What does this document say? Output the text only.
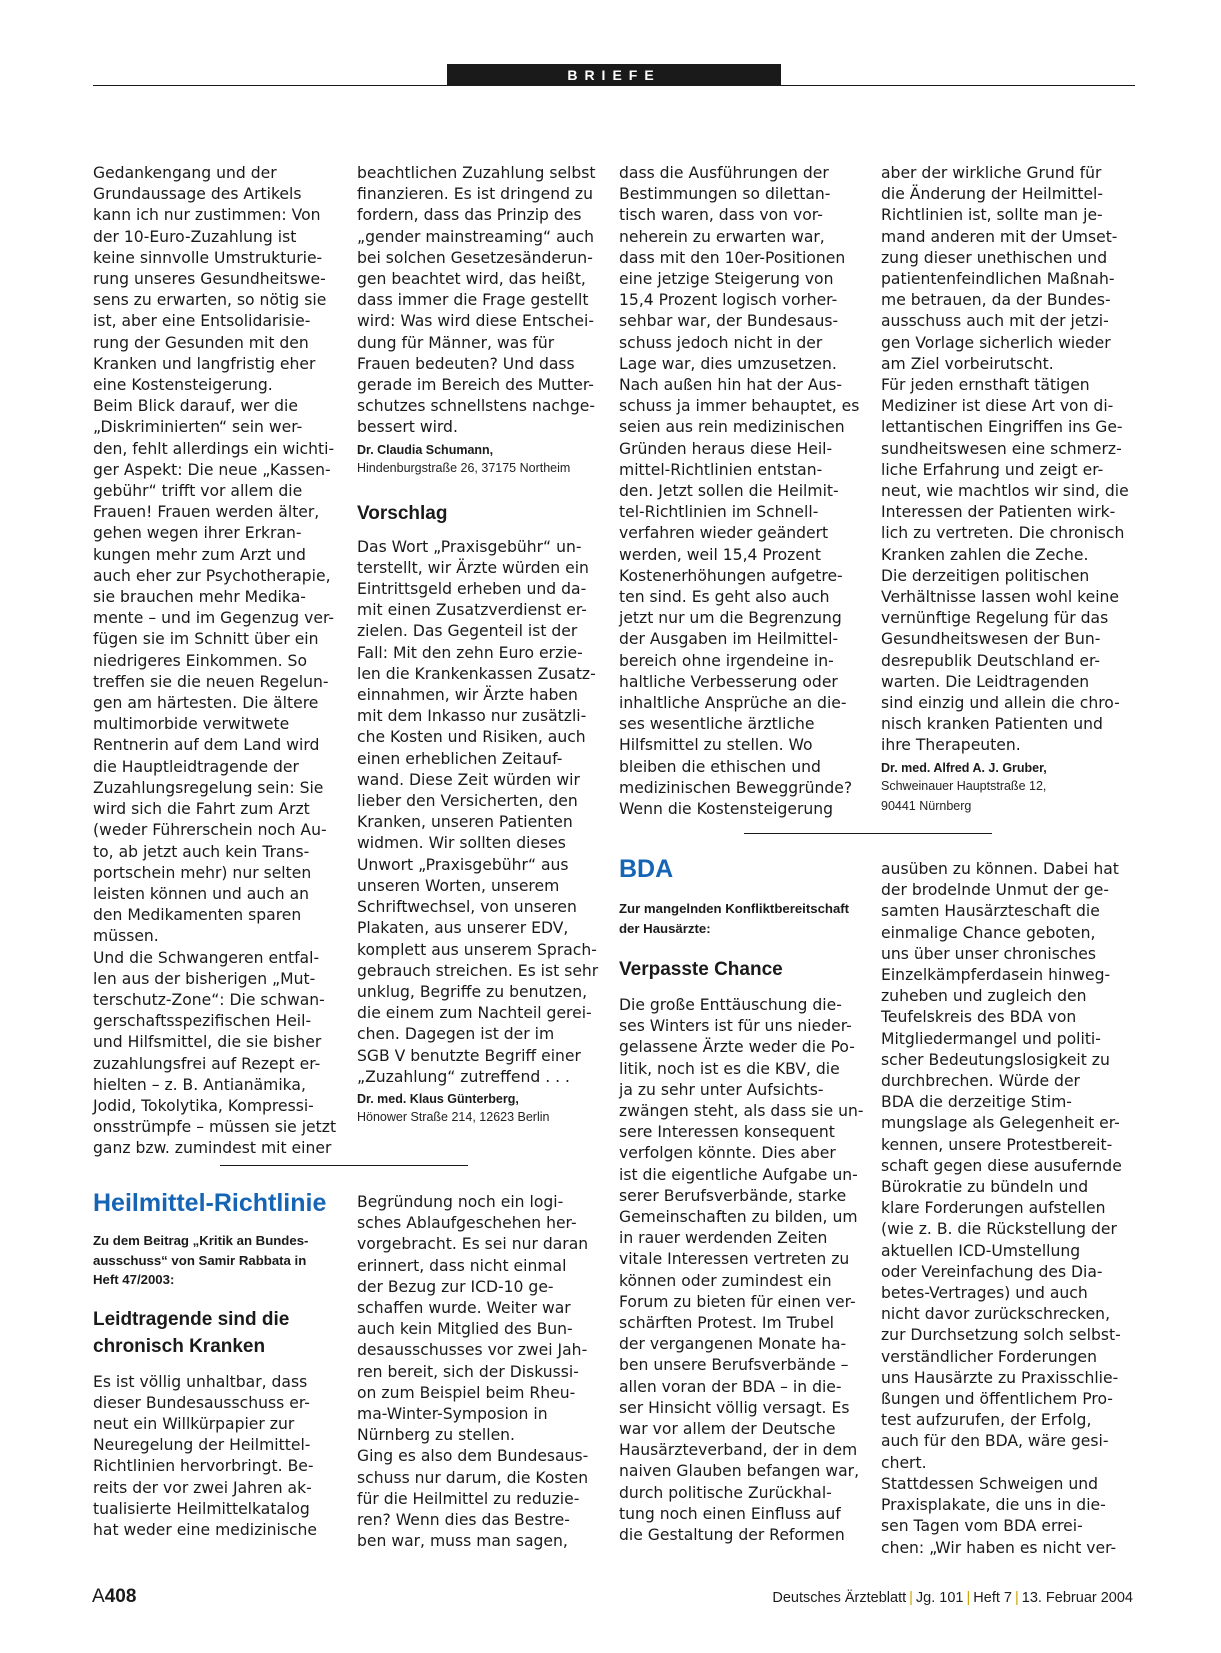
BRIEFE

Gedankengang und der
Grundaussage des Artikels
kann ich nur zustimmen: Von
der 10-Euro-Zuzahlung ist
keine sinnvolle Umstrukturie-
rung unseres Gesundheitswe-
sens zu erwarten, so nötig sie
ist, aber eine Entsolidarisie-
rung der Gesunden mit den
Kranken und langfristig eher
eine Kostensteigerung.
Beim Blick darauf, wer die
„Diskriminierten“ sein wer-
den, fehlt allerdings ein wichti-
ger Aspekt: Die neue „Kassen-
gebühr“ trifft vor allem die
Frauen! Frauen werden älter,
gehen wegen ihrer Erkran-
kungen mehr zum Arzt und
auch eher zur Psychotherapie,
sie brauchen mehr Medika-
mente – und im Gegenzug ver-
fügen sie im Schnitt über ein
niedrigeres Einkommen. So
treffen sie die neuen Regelun-
gen am härtesten. Die ältere
multimorbide verwitwete
Rentnerin auf dem Land wird
die Hauptleidtragende der
Zuzahlungsregelung sein: Sie
wird sich die Fahrt zum Arzt
(weder Führerschein noch Au-
to, ab jetzt auch kein Trans-
portschein mehr) nur selten
leisten können und auch an
den Medikamenten sparen
müssen.
Und die Schwangeren entfal-
len aus der bisherigen „Mut-
terschutz-Zone“: Die schwan-
gerschaftsspezifischen Heil-
und Hilfsmittel, die sie bisher
zuzahlungsfrei auf Rezept er-
hielten – z. B. Antianämika,
Jodid, Tokolytika, Kompressi-
onsstrümpfe – müssen sie jetzt
ganz bzw. zumindest mit einer

beachtlichen Zuzahlung selbst
finanzieren. Es ist dringend zu
fordern, dass das Prinzip des
„gender mainstreaming“ auch
bei solchen Gesetzesänderun-
gen beachtet wird, das heißt,
dass immer die Frage gestellt
wird: Was wird diese Entschei-
dung für Männer, was für
Frauen bedeuten? Und dass
gerade im Bereich des Mutter-
schutzes schnellstens nachge-
bessert wird.

Dr. Claudia Schumann,

Hindenburgstraße 26, 37175 Northeim

Vorschlag

Das Wort „Praxisgebühr“ un-
terstellt, wir Ärzte würden ein
Eintrittsgeld erheben und da-
mit einen Zusatzverdienst er-
zielen. Das Gegenteil ist der
Fall: Mit den zehn Euro erzie-
len die Krankenkassen Zusatz-
einnahmen, wir Ärzte haben
mit dem Inkasso nur zusätzli-
che Kosten und Risiken, auch
einen erheblichen Zeitauf-
wand. Diese Zeit würden wir
lieber den Versicherten, den
Kranken, unseren Patienten
widmen. Wir sollten dieses
Unwort „Praxisgebühr“ aus
unseren Worten, unserem
Schriftwechsel, von unseren
Plakaten, aus unserer EDV,
komplett aus unserem Sprach-
gebrauch streichen. Es ist sehr
unklug, Begriffe zu benutzen,
die einem zum Nachteil gerei-
chen. Dagegen ist der im
SGB V benutzte Begriff einer
„Zuzahlung“ zutreffend . . .

Dr. med. Klaus Günterberg,

Hönower Straße 214, 12623 Berlin

dass die Ausführungen der
Bestimmungen so dilettan-
tisch waren, dass von vor-
neherein zu erwarten war,
dass mit den 10er-Positionen
eine jetzige Steigerung von
15,4 Prozent logisch vorher-
sehbar war, der Bundesaus-
schuss jedoch nicht in der
Lage war, dies umzusetzen.
Nach außen hin hat der Aus-
schuss ja immer behauptet, es
seien aus rein medizinischen
Gründen heraus diese Heil-
mittel-Richtlinien entstan-
den. Jetzt sollen die Heilmit-
tel-Richtlinien im Schnell-
verfahren wieder geändert
werden, weil 15,4 Prozent
Kostenerhöhungen aufgetre-
ten sind. Es geht also auch
jetzt nur um die Begrenzung
der Ausgaben im Heilmittel-
bereich ohne irgendeine in-
haltliche Verbesserung oder
inhaltliche Ansprüche an die-
ses wesentliche ärztliche
Hilfsmittel zu stellen. Wo
bleiben die ethischen und
medizinischen Beweggründe?
Wenn die Kostensteigerung

aber der wirkliche Grund für
die Änderung der Heilmittel-
Richtlinien ist, sollte man je-
mand anderen mit der Umset-
zung dieser unethischen und
patientenfeindlichen Maßnah-
me betrauen, da der Bundes-
ausschuss auch mit der jetzi-
gen Vorlage sicherlich wieder
am Ziel vorbeirutscht.
Für jeden ernsthaft tätigen
Mediziner ist diese Art von di-
lettantischen Eingriffen ins Ge-
sundheitswesen eine schmerz-
liche Erfahrung und zeigt er-
neut, wie machtlos wir sind, die
Interessen der Patienten wirk-
lich zu vertreten. Die chronisch
Kranken zahlen die Zeche.
Die derzeitigen politischen
Verhältnisse lassen wohl keine
vernünftige Regelung für das
Gesundheitswesen der Bun-
desrepublik Deutschland er-
warten. Die Leidtragenden
sind einzig und allein die chro-
nisch kranken Patienten und
ihre Therapeuten.

Dr. med. Alfred A. J. Gruber,

Schweinauer Hauptstraße 12,
90441 Nürnberg

Heilmittel-Richtlinie

Zu dem Beitrag „Kritik an Bundes-
ausschuss“ von Samir Rabbata in
Heft 47/2003:

Leidtragende sind die
chronisch Kranken

Es ist völlig unhaltbar, dass
dieser Bundesausschuss er-
neut ein Willkürpapier zur
Neuregelung der Heilmittel-
Richtlinien hervorbringt. Be-
reits der vor zwei Jahren ak-
tualisierte Heilmittelkatalog
hat weder eine medizinische

Begründung noch ein logi-
sches Ablaufgeschehen her-
vorgebracht. Es sei nur daran
erinnert, dass nicht einmal
der Bezug zur ICD-10 ge-
schaffen wurde. Weiter war
auch kein Mitglied des Bun-
desausschusses vor zwei Jah-
ren bereit, sich der Diskussi-
on zum Beispiel beim Rheu-
ma-Winter-Symposion in
Nürnberg zu stellen.
Ging es also dem Bundesaus-
schuss nur darum, die Kosten
für die Heilmittel zu reduzie-
ren? Wenn dies das Bestre-
ben war, muss man sagen,

BDA

Zur mangelnden Konfliktbereitschaft
der Hausärzte:

Verpasste Chance

Die große Enttäuschung die-
ses Winters ist für uns nieder-
gelassene Ärzte weder die Po-
litik, noch ist es die KBV, die
ja zu sehr unter Aufsichts-
zwängen steht, als dass sie un-
sere Interessen konsequent
verfolgen könnte. Dies aber
ist die eigentliche Aufgabe un-
serer Berufsverbände, starke
Gemeinschaften zu bilden, um
in rauer werdenden Zeiten
vitale Interessen vertreten zu
können oder zumindest ein
Forum zu bieten für einen ver-
schärften Protest. Im Trubel
der vergangenen Monate ha-
ben unsere Berufsverbände –
allen voran der BDA – in die-
ser Hinsicht völlig versagt. Es
war vor allem der Deutsche
Hausärzteverband, der in dem
naiven Glauben befangen war,
durch politische Zurückhal-
tung noch einen Einfluss auf
die Gestaltung der Reformen

ausüben zu können. Dabei hat
der brodelnde Unmut der ge-
samten Hausärzteschaft die
einmalige Chance geboten,
uns über unser chronisches
Einzelkämpferdasein hinweg-
zuheben und zugleich den
Teufelskreis des BDA von
Mitgliedermangel und politi-
scher Bedeutungslosigkeit zu
durchbrechen. Würde der
BDA die derzeitige Stim-
mungslage als Gelegenheit er-
kennen, unsere Protestbereit-
schaft gegen diese ausufernde
Bürokratie zu bündeln und
klare Forderungen aufstellen
(wie z. B. die Rückstellung der
aktuellen ICD-Umstellung
oder Vereinfachung des Dia-
betes-Vertrages) und auch
nicht davor zurückschrecken,
zur Durchsetzung solch selbst-
verständlicher Forderungen
uns Hausärzte zu Praxisschlie-
ßungen und öffentlichem Pro-
test aufzurufen, der Erfolg,
auch für den BDA, wäre gesi-
chert.
Stattdessen Schweigen und
Praxisplakate, die uns in die-
sen Tagen vom BDA errei-
chen: „Wir haben es nicht ver-

A408	Deutsches Ärzteblatt | Jg. 101 | Heft 7 | 13. Februar 2004
